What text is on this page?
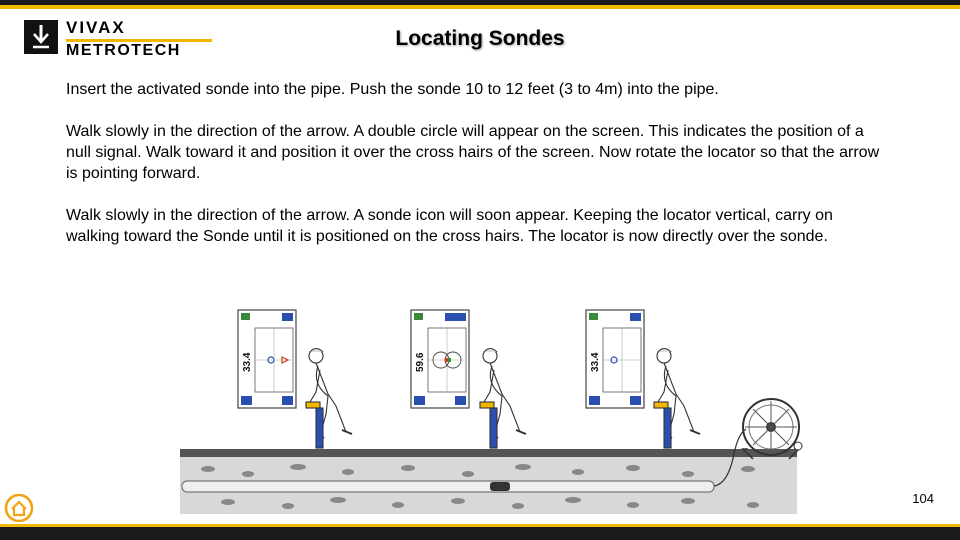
VIVAX
METROTECH
Locating Sondes

Insert the activated sonde into the pipe. Push the sonde 10 to 12 feet (3 to 4m) into the pipe.

Walk slowly in the direction of the arrow. A double circle will appear on the screen. This indicates the position of a null signal. Walk toward it and position it over the cross hairs of the screen. Now rotate the locator so that the arrow is pointing forward.

Walk slowly in the direction of the arrow. A sonde icon will soon appear. Keeping the locator vertical, carry on walking toward the Sonde until it is positioned on the cross hairs. The locator is now directly over the sonde.

33.4	59.6	33.4
104
